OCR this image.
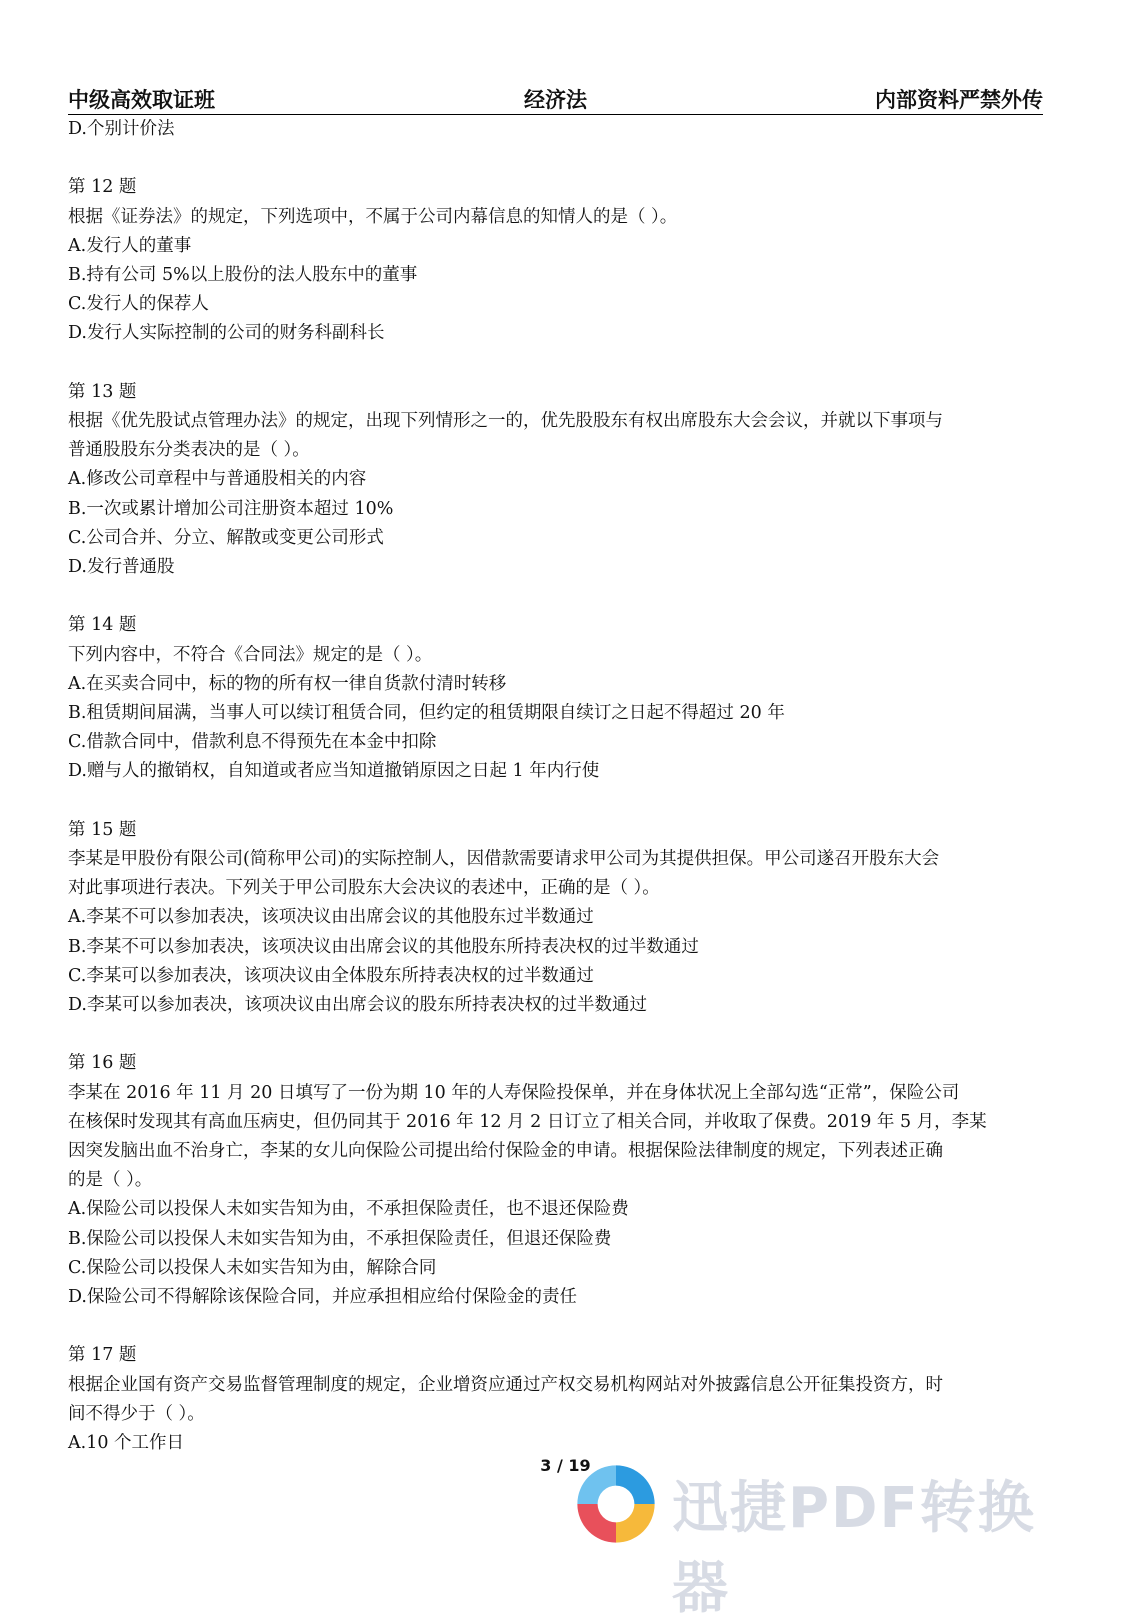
中级高效取证班	经济法	内部资料严禁外传
D.个别计价法
第 12 题
根据《证券法》的规定，下列选项中，不属于公司内幕信息的知情人的是（ ）。
A.发行人的董事
B.持有公司 5%以上股份的法人股东中的董事
C.发行人的保荐人
D.发行人实际控制的公司的财务科副科长
第 13 题
根据《优先股试点管理办法》的规定，出现下列情形之一的，优先股股东有权出席股东大会会议，并就以下事项与
普通股股东分类表决的是（ ）。
A.修改公司章程中与普通股相关的内容
B.一次或累计增加公司注册资本超过 10%
C.公司合并、分立、解散或变更公司形式
D.发行普通股
第 14 题
下列内容中，不符合《合同法》规定的是（ ）。
A.在买卖合同中，标的物的所有权一律自货款付清时转移
B.租赁期间届满，当事人可以续订租赁合同，但约定的租赁期限自续订之日起不得超过 20 年
C.借款合同中，借款利息不得预先在本金中扣除
D.赠与人的撤销权，自知道或者应当知道撤销原因之日起 1 年内行使
第 15 题
李某是甲股份有限公司(简称甲公司)的实际控制人，因借款需要请求甲公司为其提供担保。甲公司遂召开股东大会
对此事项进行表决。下列关于甲公司股东大会决议的表述中，正确的是（ ）。
A.李某不可以参加表决，该项决议由出席会议的其他股东过半数通过
B.李某不可以参加表决，该项决议由出席会议的其他股东所持表决权的过半数通过
C.李某可以参加表决，该项决议由全体股东所持表决权的过半数通过
D.李某可以参加表决，该项决议由出席会议的股东所持表决权的过半数通过
第 16 题
李某在 2016 年 11 月 20 日填写了一份为期 10 年的人寿保险投保单，并在身体状况上全部勾选“正常”，保险公司
在核保时发现其有高血压病史，但仍同其于 2016 年 12 月 2 日订立了相关合同，并收取了保费。2019 年 5 月，李某
因突发脑出血不治身亡，李某的女儿向保险公司提出给付保险金的申请。根据保险法律制度的规定，下列表述正确
的是（ ）。
A.保险公司以投保人未如实告知为由，不承担保险责任，也不退还保险费
B.保险公司以投保人未如实告知为由，不承担保险责任，但退还保险费
C.保险公司以投保人未如实告知为由，解除合同
D.保险公司不得解除该保险合同，并应承担相应给付保险金的责任
第 17 题
根据企业国有资产交易监督管理制度的规定，企业增资应通过产权交易机构网站对外披露信息公开征集投资方，时
间不得少于（ ）。
A.10 个工作日
3 / 19
迅捷PDF转换器
